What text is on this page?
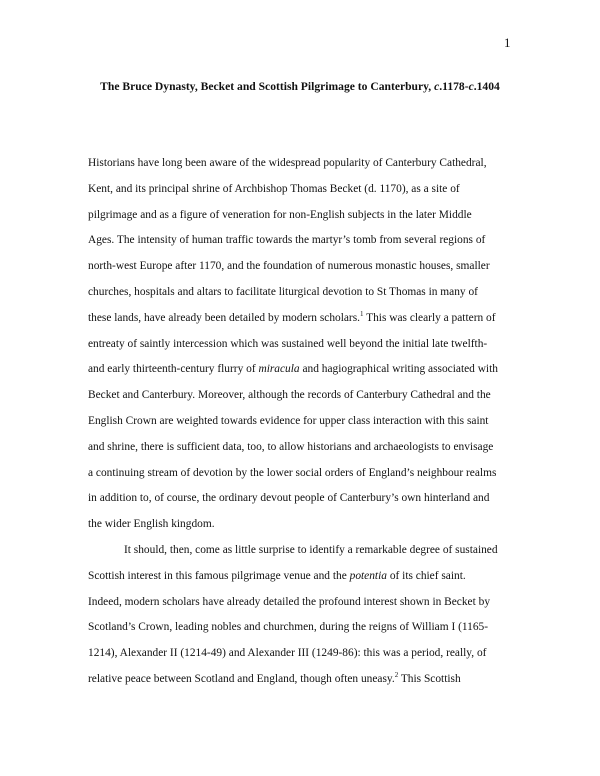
1
The Bruce Dynasty, Becket and Scottish Pilgrimage to Canterbury, c.1178-c.1404
Historians have long been aware of the widespread popularity of Canterbury Cathedral,
Kent, and its principal shrine of Archbishop Thomas Becket (d. 1170), as a site of
pilgrimage and as a figure of veneration for non-English subjects in the later Middle
Ages. The intensity of human traffic towards the martyr’s tomb from several regions of
north-west Europe after 1170, and the foundation of numerous monastic houses, smaller
churches, hospitals and altars to facilitate liturgical devotion to St Thomas in many of
these lands, have already been detailed by modern scholars.$^1$ This was clearly a pattern of
entreaty of saintly intercession which was sustained well beyond the initial late twelfth-
and early thirteenth-century flurry of miracula and hagiographical writing associated with
Becket and Canterbury. Moreover, although the records of Canterbury Cathedral and the
English Crown are weighted towards evidence for upper class interaction with this saint
and shrine, there is sufficient data, too, to allow historians and archaeologists to envisage
a continuing stream of devotion by the lower social orders of England’s neighbour realms
in addition to, of course, the ordinary devout people of Canterbury’s own hinterland and
the wider English kingdom.
It should, then, come as little surprise to identify a remarkable degree of sustained
Scottish interest in this famous pilgrimage venue and the potentia of its chief saint.
Indeed, modern scholars have already detailed the profound interest shown in Becket by
Scotland’s Crown, leading nobles and churchmen, during the reigns of William I (1165-
1214), Alexander II (1214-49) and Alexander III (1249-86): this was a period, really, of
relative peace between Scotland and England, though often uneasy.$^2$ This Scottish
